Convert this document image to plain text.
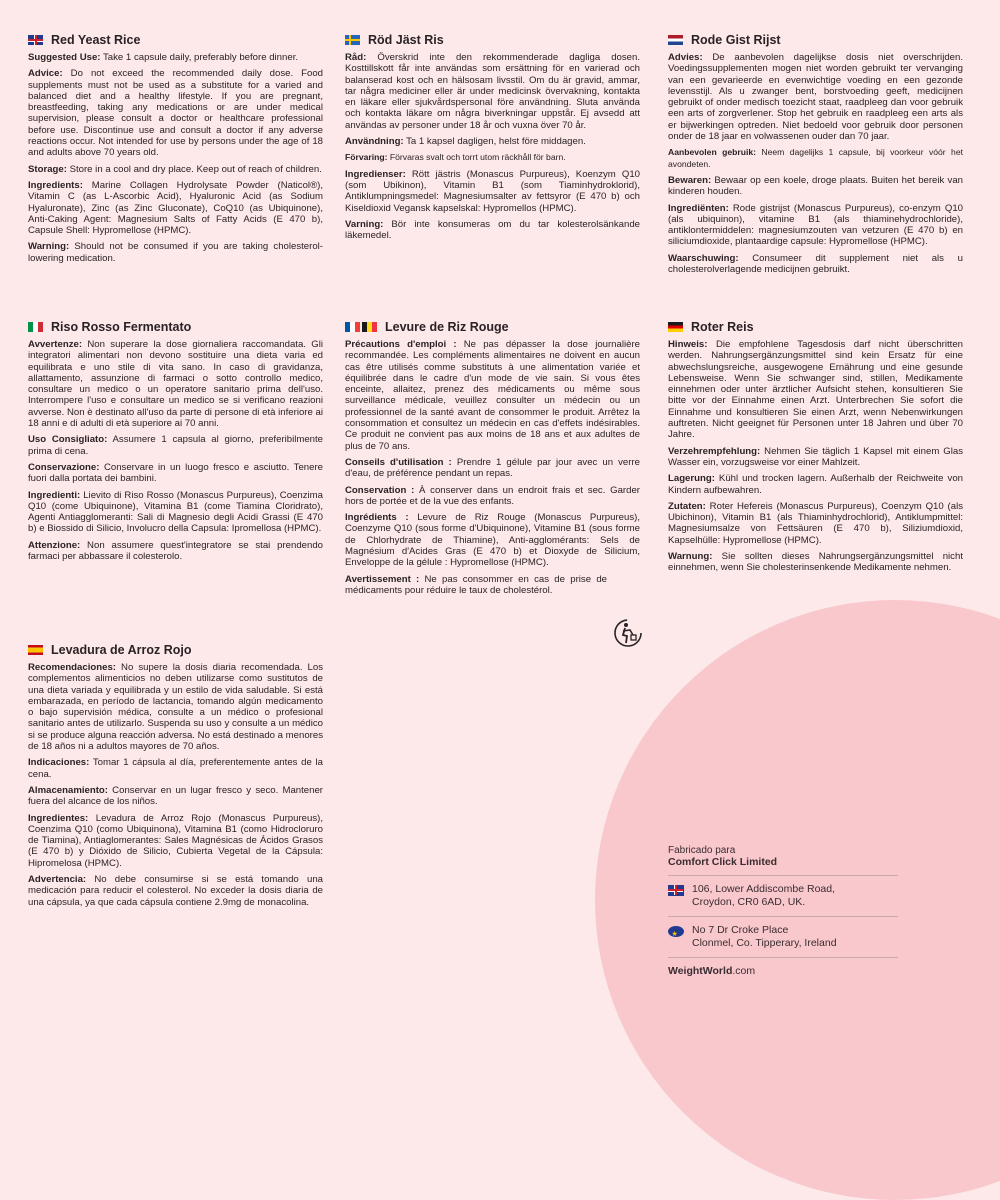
Red Yeast Rice

Suggested Use: Take 1 capsule daily, preferably before dinner.

Advice: Do not exceed the recommended daily dose. Food supplements must not be used as a substitute for a varied and balanced diet and a healthy lifestyle. If you are pregnant, breastfeeding, taking any medications or are under medical supervision, please consult a doctor or healthcare professional before use. Discontinue use and consult a doctor if any adverse reactions occur. Not intended for use by persons under the age of 18 and adults above 70 years old.

Storage: Store in a cool and dry place. Keep out of reach of children.

Ingredients: Marine Collagen Hydrolysate Powder (Naticol®), Vitamin C (as L-Ascorbic Acid), Hyaluronic Acid (as Sodium Hyaluronate), Zinc (as Zinc Gluconate), CoQ10 (as Ubiquinone), Anti-Caking Agent: Magnesium Salts of Fatty Acids (E 470 b), Capsule Shell: Hypromellose (HPMC).

Warning: Should not be consumed if you are taking cholesterol-lowering medication.

Röd Jäst Ris

Råd: Överskrid inte den rekommenderade dagliga dosen. Kosttillskott får inte användas som ersättning för en varierad och balanserad kost och en hälsosam livsstil. Om du är gravid, ammar, tar några mediciner eller är under medicinsk övervakning, kontakta en läkare eller sjukvårdspersonal före användning. Sluta använda och kontakta läkare om några biverkningar uppstår. Ej avsedd att användas av personer under 18 år och vuxna över 70 år.

Användning: Ta 1 kapsel dagligen, helst före middagen.

Förvaring: Förvaras svalt och torrt utom räckhåll för barn.

Ingredienser: Rött jästris (Monascus Purpureus), Koenzym Q10 (som Ubikinon), Vitamin B1 (som Tiaminhydroklorid), Antiklumpningsmedel: Magnesiumsalter av fettsyror (E 470 b) och Kiseldioxid Vegansk kapselskal: Hypromellos (HPMC).

Varning: Bör inte konsumeras om du tar kolesterolsänkande läkemedel.

Rode Gist Rijst

Advies: De aanbevolen dagelijkse dosis niet overschrijden. Voedingssupplementen mogen niet worden gebruikt ter vervanging van een gevarieerde en evenwichtige voeding en een gezonde levensstijl. Als u zwanger bent, borstvoeding geeft, medicijnen gebruikt of onder medisch toezicht staat, raadpleeg dan voor gebruik een arts of zorgverlener. Stop het gebruik en raadpleeg een arts als er bijwerkingen optreden. Niet bedoeld voor gebruik door personen onder de 18 jaar en volwassenen ouder dan 70 jaar.

Aanbevolen gebruik: Neem dagelijks 1 capsule, bij voorkeur vóór het avondeten.

Bewaren: Bewaar op een koele, droge plaats. Buiten het bereik van kinderen houden.

Ingrediënten: Rode gistrijst (Monascus Purpureus), co-enzym Q10 (als ubiquinon), vitamine B1 (als thiaminehydrochloride), antiklontermiddelen: magnesiumzouten van vetzuren (E 470 b) en siliciumdioxide, plantaardige capsule: Hypromellose (HPMC).

Waarschuwing: Consumeer dit supplement niet als u cholesterolverlagende medicijnen gebruikt.

Riso Rosso Fermentato

Avvertenze: Non superare la dose giornaliera raccomandata. Gli integratori alimentari non devono sostituire una dieta varia ed equilibrata e uno stile di vita sano. In caso di gravidanza, allattamento, assunzione di farmaci o sotto controllo medico, consultare un medico o un operatore sanitario prima dell'uso. Interrompere l'uso e consultare un medico se si verificano reazioni avverse. Non è destinato all'uso da parte di persone di età inferiore ai 18 anni e di adulti di età superiore ai 70 anni.

Uso Consigliato: Assumere 1 capsula al giorno, preferibilmente prima di cena.

Conservazione: Conservare in un luogo fresco e asciutto. Tenere fuori dalla portata dei bambini.

Ingredienti: Lievito di Riso Rosso (Monascus Purpureus), Coenzima Q10 (come Ubiquinone), Vitamina B1 (come Tiamina Cloridrato), Agenti Antiagglomeranti: Sali di Magnesio degli Acidi Grassi (E 470 b) e Biossido di Silicio, Involucro della Capsula: Ipromellosa (HPMC).

Attenzione: Non assumere quest'integratore se stai prendendo farmaci per abbassare il colesterolo.

Levure de Riz Rouge

Précautions d'emploi : Ne pas dépasser la dose journalière recommandée. Les compléments alimentaires ne doivent en aucun cas être utilisés comme substituts à une alimentation variée et équilibrée dans le cadre d'un mode de vie sain. Si vous êtes enceinte, allaitez, prenez des médicaments ou même sous surveillance médicale, veuillez consulter un médecin ou un professionnel de la santé avant de consommer le produit. Arrêtez la consommation et consultez un médecin en cas d'effets indésirables. Ce produit ne convient pas aux moins de 18 ans et aux adultes de plus de 70 ans.

Conseils d'utilisation : Prendre 1 gélule par jour avec un verre d'eau, de préférence pendant un repas.

Conservation : À conserver dans un endroit frais et sec. Garder hors de portée et de la vue des enfants.

Ingrédients : Levure de Riz Rouge (Monascus Purpureus), Coenzyme Q10 (sous forme d'Ubiquinone), Vitamine B1 (sous forme de Chlorhydrate de Thiamine), Anti-agglomérants: Sels de Magnésium d'Acides Gras (E 470 b) et Dioxyde de Silicium, Enveloppe de la gélule : Hypromellose (HPMC).

Avertissement : Ne pas consommer en cas de prise de médicaments pour réduire le taux de cholestérol.

Roter Reis

Hinweis: Die empfohlene Tagesdosis darf nicht überschritten werden. Nahrungsergänzungsmittel sind kein Ersatz für eine abwechslungsreiche, ausgewogene Ernährung und eine gesunde Lebensweise. Wenn Sie schwanger sind, stillen, Medikamente einnehmen oder unter ärztlicher Aufsicht stehen, konsultieren Sie bitte vor der Einnahme einen Arzt. Unterbrechen Sie sofort die Einnahme und konsultieren Sie einen Arzt, wenn Nebenwirkungen auftreten. Nicht geeignet für Personen unter 18 Jahren und über 70 Jahre.

Verzehrempfehlung: Nehmen Sie täglich 1 Kapsel mit einem Glas Wasser ein, vorzugsweise vor einer Mahlzeit.

Lagerung: Kühl und trocken lagern. Außerhalb der Reichweite von Kindern aufbewahren.

Zutaten: Roter Hefereis (Monascus Purpureus), Coenzym Q10 (als Ubichinon), Vitamin B1 (als Thiaminhydrochlorid), Antiklumpmittel: Magnesiumsalze von Fettsäuren (E 470 b), Siliziumdioxid, Kapselhülle: Hypromellose (HPMC).

Warnung: Sie sollten dieses Nahrungsergänzungsmittel nicht einnehmen, wenn Sie cholesterinsenkende Medikamente nehmen.

Levadura de Arroz Rojo

Recomendaciones: No supere la dosis diaria recomendada. Los complementos alimenticios no deben utilizarse como sustitutos de una dieta variada y equilibrada y un estilo de vida saludable. Si está embarazada, en período de lactancia, tomando algún medicamento o bajo supervisión médica, consulte a un médico o profesional sanitario antes de utilizarlo. Suspenda su uso y consulte a un médico si se produce alguna reacción adversa. No está destinado a menores de 18 años ni a adultos mayores de 70 años.

Indicaciones: Tomar 1 cápsula al día, preferentemente antes de la cena.

Almacenamiento: Conservar en un lugar fresco y seco. Mantener fuera del alcance de los niños.

Ingredientes: Levadura de Arroz Rojo (Monascus Purpureus), Coenzima Q10 (como Ubiquinona), Vitamina B1 (como Hidrocloruro de Tiamina), Antiaglomerantes: Sales Magnésicas de Ácidos Grasos (E 470 b) y Dióxido de Silicio, Cubierta Vegetal de la Cápsula: Hipromelosa (HPMC).

Advertencia: No debe consumirse si se está tomando una medicación para reducir el colesterol. No exceder la dosis diaria de una cápsula, ya que cada cápsula contiene 2.9mg de monacolina.

Fabricado para
Comfort Click Limited
106, Lower Addiscombe Road,
Croydon, CR0 6AD, UK.
★
No 7 Dr Croke Place
Clonmel, Co. Tipperary, Ireland
WeightWorld.com
